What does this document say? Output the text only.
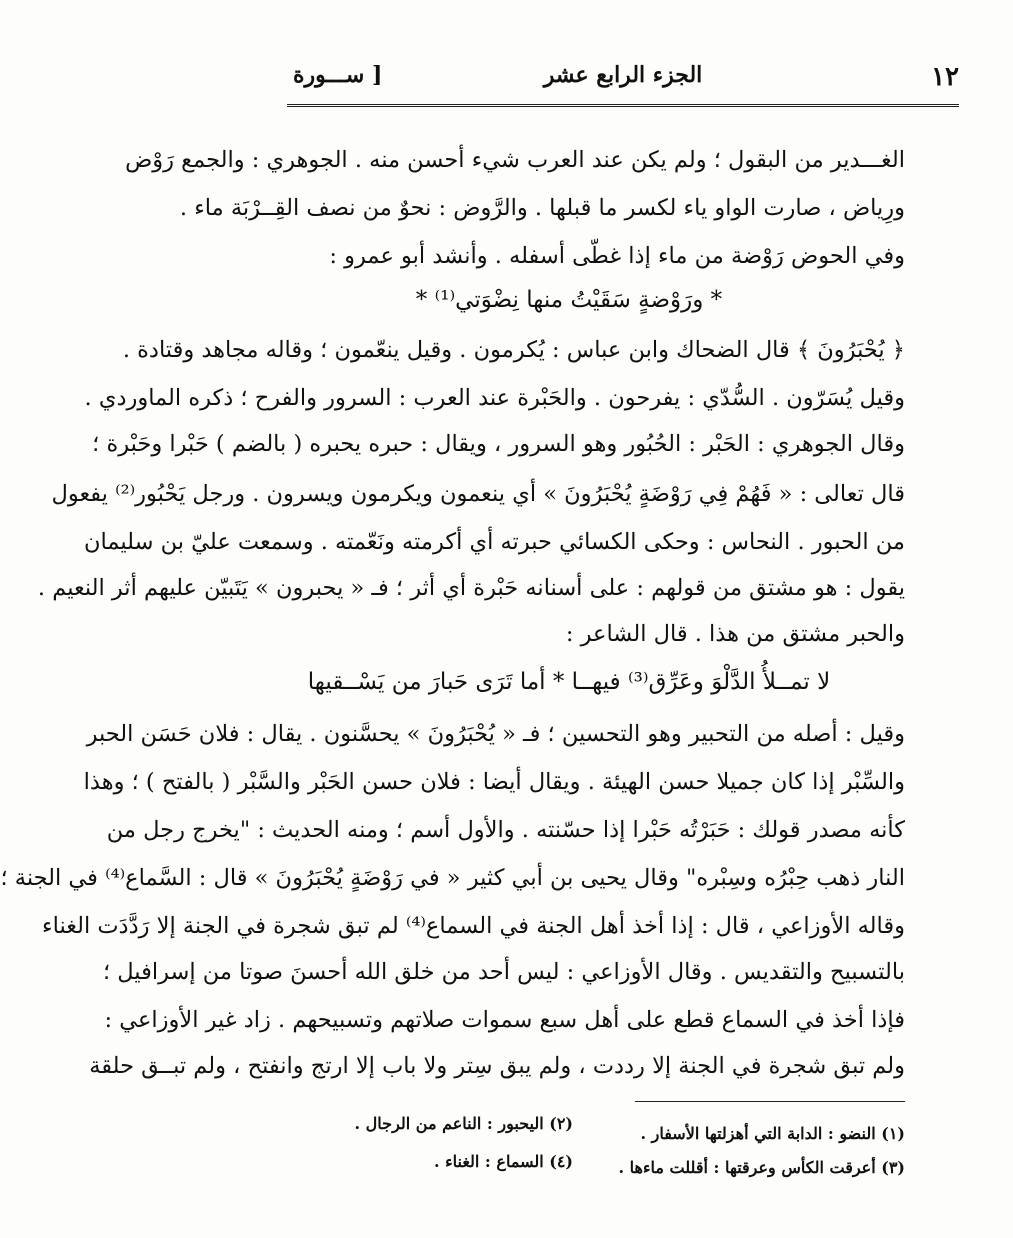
١٢
الجزء الرابع عشر
[ ســـورة
الغـــدير من البقول ؛ ولم يكن عند العرب شيء أحسن منه . الجوهري : والجمع رَوْض
ورِياض ، صارت الواو ياء لكسر ما قبلها . والرَّوض : نحوٌ من نصف القِــرْبَة ماء .
وفي الحوض رَوْضة من ماء إذا غطّى أسفله . وأنشد أبو عمرو :
* ورَوْضةٍ سَقَيْتُ منها نِضْوَتي⁽¹⁾ *
﴿ يُحْبَرُونَ ﴾ قال الضحاك وابن عباس : يُكرمون . وقيل ينعّمون ؛ وقاله مجاهد وقتادة .
وقيل يُسَرّون . السُّدّي : يفرحون . والحَبْرة عند العرب : السرور والفرح ؛ ذكره الماوردي .
وقال الجوهري : الحَبْر : الحُبُور وهو السرور ، ويقال : حبره يحبره ( بالضم ) حَبْرا وحَبْرة ؛
قال تعالى : « فَهُمْ فِي رَوْضَةٍ يُحْبَرُونَ » أي ينعمون ويكرمون ويسرون . ورجل يَحْبُور⁽²⁾ يفعول
من الحبور . النحاس : وحكى الكسائي حبرته أي أكرمته ونَعّمته . وسمعت عليّ بن سليمان
يقول : هو مشتق من قولهم : على أسنانه حَبْرة أي أثر ؛ فـ « يحبرون » يَتَبيّن عليهم أثر النعيم .
والحبر مشتق من هذا . قال الشاعر :
لا تمــلأُ الدَّلْوَ وعَرِّق⁽³⁾ فيهــا * أما تَرَى حَبارَ من يَسْــقيها
وقيل : أصله من التحبير وهو التحسين ؛ فـ « يُحْبَرُونَ » يحسَّنون . يقال : فلان حَسَن الحبر
والسِّبْر إذا كان جميلا حسن الهيئة . ويقال أيضا : فلان حسن الحَبْر والسَّبْر ( بالفتح ) ؛ وهذا
كأنه مصدر قولك : حَبَرْتُه حَبْرا إذا حسّنته . والأول أسم ؛ ومنه الحديث : "يخرج رجل من
النار ذهب حِبْرُه وسِبْره" وقال يحيى بن أبي كثير « في رَوْضَةٍ يُحْبَرُونَ » قال : السَّماع⁽⁴⁾ في الجنة ؛
وقاله الأوزاعي ، قال : إذا أخذ أهل الجنة في السماع⁽⁴⁾ لم تبق شجرة في الجنة إلا رَدَّدَت الغناء
بالتسبيح والتقديس . وقال الأوزاعي : ليس أحد من خلق الله أحسنَ صوتا من إسرافيل ؛
فإذا أخذ في السماع قطع على أهل سبع سموات صلاتهم وتسبيحهم . زاد غير الأوزاعي :
ولم تبق شجرة في الجنة إلا رددت ، ولم يبق سِتر ولا باب إلا ارتج وانفتح ، ولم تبــق حلقة
(١) النضو : الدابة التي أهزلتها الأسفار .
(٢) اليحبور : الناعم من الرجال .
(٣) أعرقت الكأس وعرقتها : أقللت ماءها .
(٤) السماع : الغناء .
